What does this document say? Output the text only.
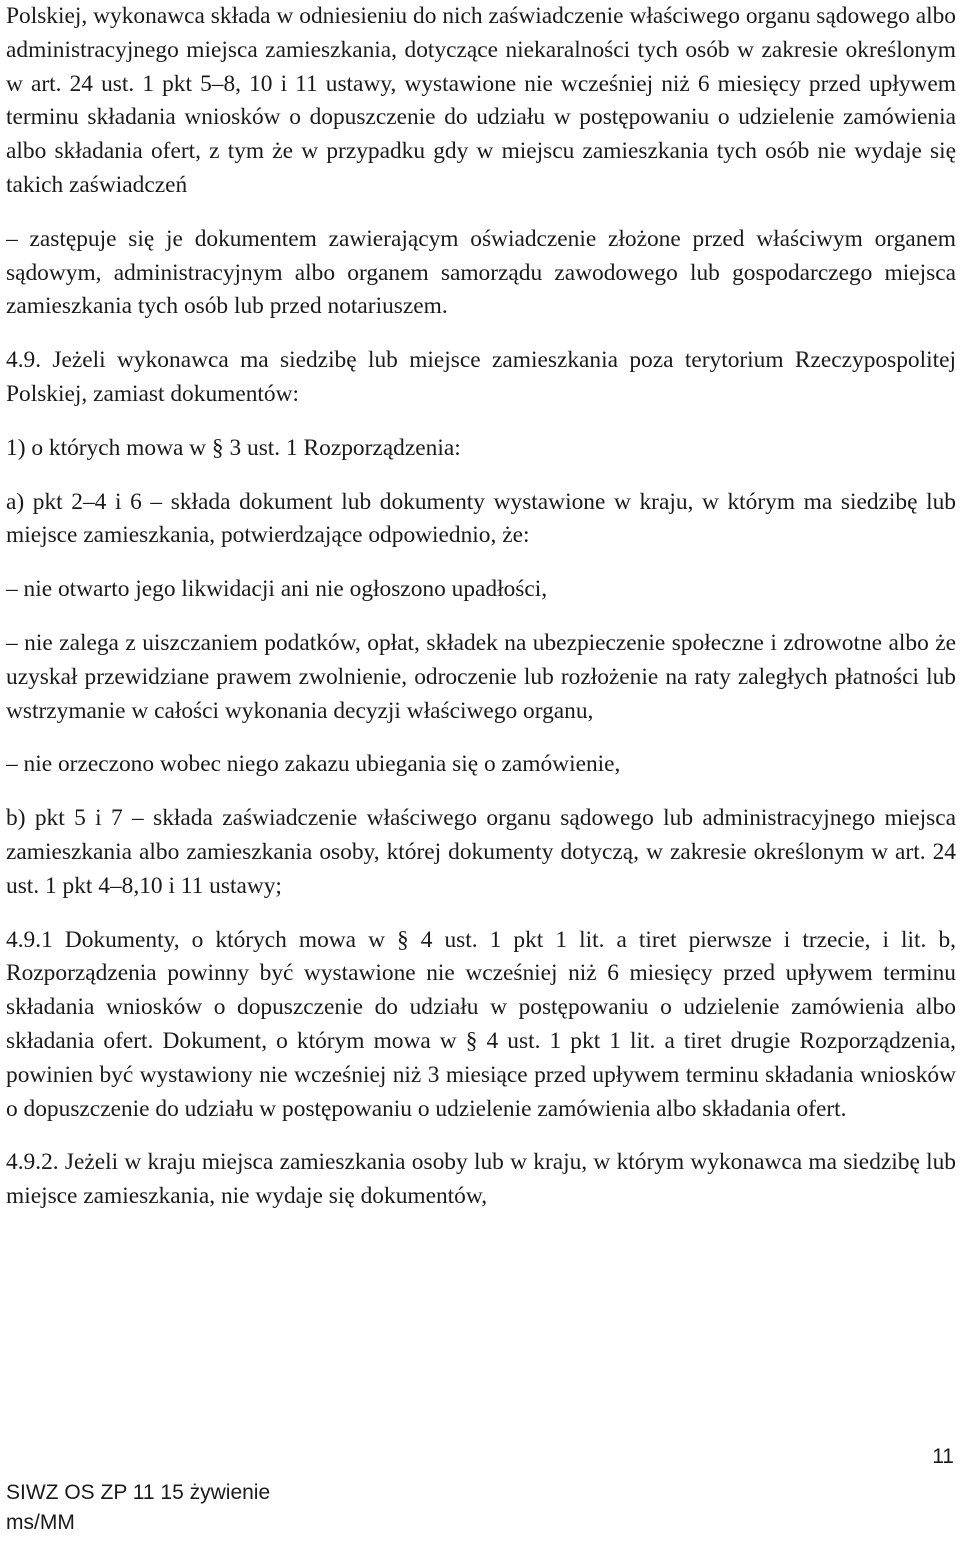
Polskiej, wykonawca składa w odniesieniu do nich zaświadczenie właściwego organu sądowego albo administracyjnego miejsca zamieszkania, dotyczące niekaralności tych osób w zakresie określonym w art. 24 ust. 1 pkt 5–8, 10 i 11 ustawy, wystawione nie wcześniej niż 6 miesięcy przed upływem terminu składania wniosków o dopuszczenie do udziału w postępowaniu o udzielenie zamówienia albo składania ofert, z tym że w przypadku gdy w miejscu zamieszkania tych osób nie wydaje się takich zaświadczeń

– zastępuje się je dokumentem zawierającym oświadczenie złożone przed właściwym organem sądowym, administracyjnym albo organem samorządu zawodowego lub gospodarczego miejsca zamieszkania tych osób lub przed notariuszem.

4.9. Jeżeli wykonawca ma siedzibę lub miejsce zamieszkania poza terytorium Rzeczypospolitej Polskiej, zamiast dokumentów:

1) o których mowa w § 3 ust. 1 Rozporządzenia:

a) pkt 2–4 i 6 – składa dokument lub dokumenty wystawione w kraju, w którym ma siedzibę lub miejsce zamieszkania, potwierdzające odpowiednio, że:

– nie otwarto jego likwidacji ani nie ogłoszono upadłości,

– nie zalega z uiszczaniem podatków, opłat, składek na ubezpieczenie społeczne i zdrowotne albo że uzyskał przewidziane prawem zwolnienie, odroczenie lub rozłożenie na raty zaległych płatności lub wstrzymanie w całości wykonania decyzji właściwego organu,

– nie orzeczono wobec niego zakazu ubiegania się o zamówienie,

b) pkt 5 i 7 – składa zaświadczenie właściwego organu sądowego lub administracyjnego miejsca zamieszkania albo zamieszkania osoby, której dokumenty dotyczą, w zakresie określonym w art. 24 ust. 1 pkt 4–8,10 i 11 ustawy;

4.9.1 Dokumenty, o których mowa w § 4 ust. 1 pkt 1 lit. a tiret pierwsze i trzecie, i lit. b, Rozporządzenia powinny być wystawione nie wcześniej niż 6 miesięcy przed upływem terminu składania wniosków o dopuszczenie do udziału w postępowaniu o udzielenie zamówienia albo składania ofert. Dokument, o którym mowa w § 4 ust. 1 pkt 1 lit. a tiret drugie Rozporządzenia, powinien być wystawiony nie wcześniej niż 3 miesiące przed upływem terminu składania wniosków o dopuszczenie do udziału w postępowaniu o udzielenie zamówienia albo składania ofert.

4.9.2. Jeżeli w kraju miejsca zamieszkania osoby lub w kraju, w którym wykonawca ma siedzibę lub miejsce zamieszkania, nie wydaje się dokumentów,

11
SIWZ OS ZP 11 15 żywienie
ms/MM
